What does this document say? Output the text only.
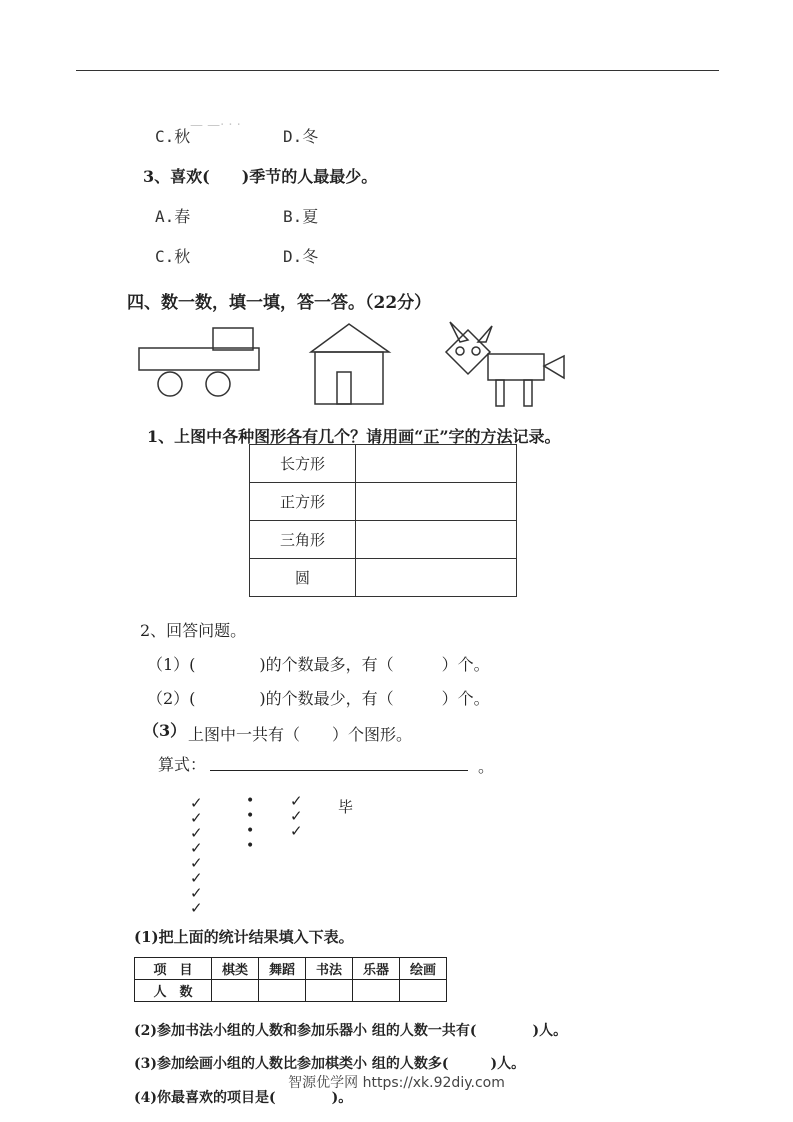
— —· · ·
C.秋	D.冬
3、喜欢(　　)季节的人最最少。
A.春	B.夏
C.秋	D.冬
四、数一数，填一填，答一答。（22分）
1、上图中各种图形各有几个？请用画“正”字的方法记录。
长方形	
正方形	
三角形	
圆	
2、回答问题。
（1）(　　　　)的个数最多，有（　　　）个。
（2）(　　　　)的个数最少，有（　　　）个。
（3） 上图中一共有（　　）个图形。
算式：	。
✓
✓
✓
✓
✓
✓
✓
✓
•
•
•
•
✓
✓
✓
毕
(1)把上面的统计结果填入下表。
项　目	棋类	舞蹈	书法	乐器	绘画
人　数					
(2)参加书法小组的人数和参加乐器小 组的人数一共有(　　　　)人。
(3)参加绘画小组的人数比参加棋类小 组的人数多(　　　)人。
(4)你最喜欢的项目是(　　　　)。
智源优学网 https://xk.92diy.com
